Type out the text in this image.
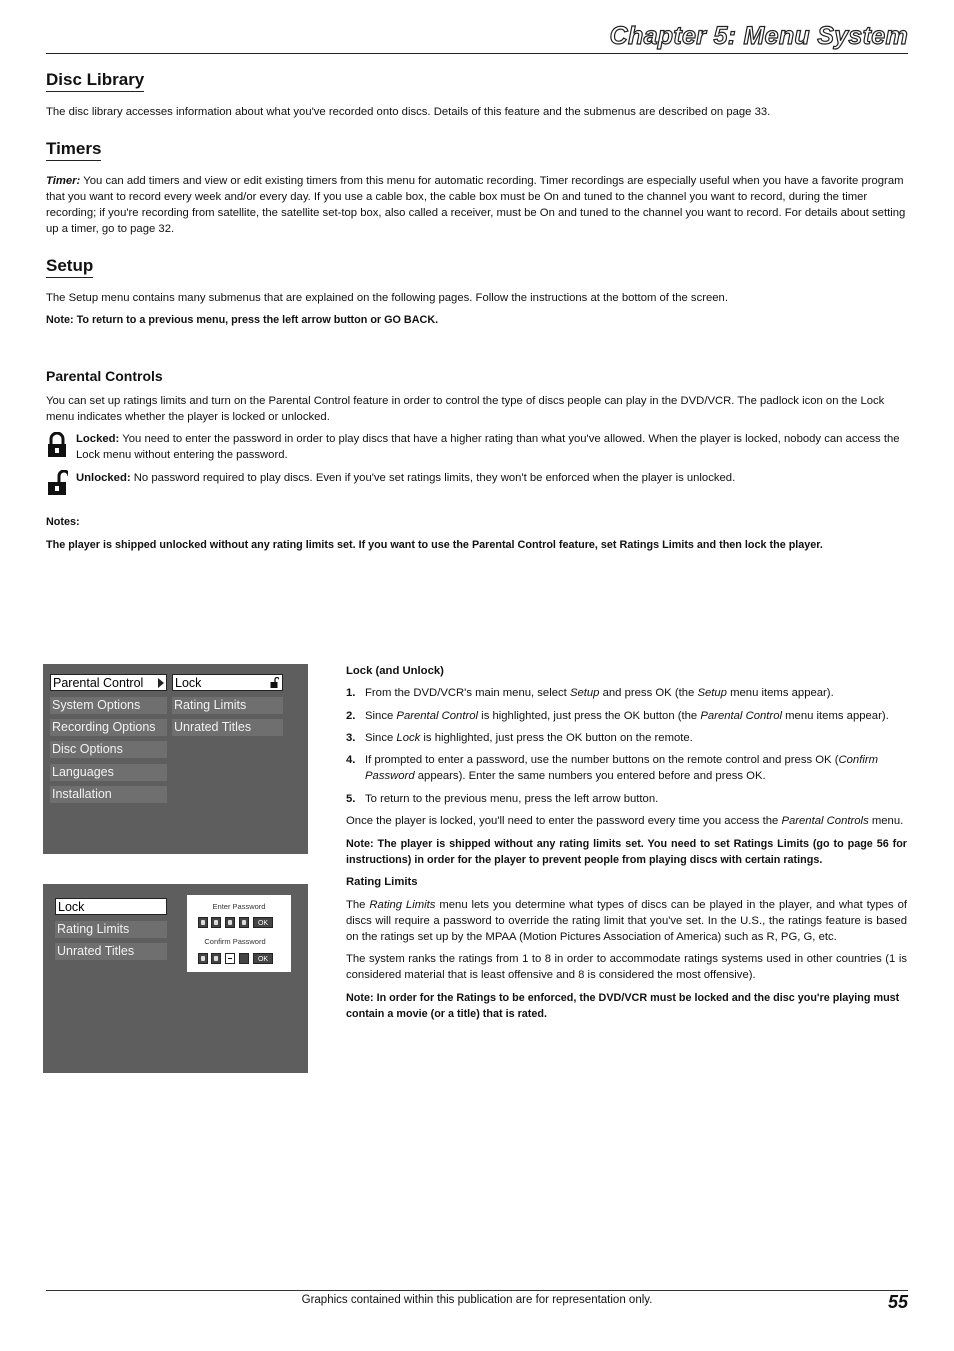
Chapter 5: Menu System
Disc Library
The disc library accesses information about what you've recorded onto discs. Details of this feature and the submenus are described on page 33.
Timers
Timer: You can add timers and view or edit existing timers from this menu for automatic recording. Timer recordings are especially useful when you have a favorite program that you want to record every week and/or every day. If you use a cable box, the cable box must be On and tuned to the channel you want to record, during the timer recording; if you're recording from satellite, the satellite set-top box, also called a receiver, must be On and tuned to the channel you want to record. For details about setting up a timer, go to page 32.
Setup
The Setup menu contains many submenus that are explained on the following pages. Follow the instructions at the bottom of the screen.
Note: To return to a previous menu, press the left arrow button or GO BACK.
Parental Controls
You can set up ratings limits and turn on the Parental Control feature in order to control the type of discs people can play in the DVD/VCR. The padlock icon on the Lock menu indicates whether the player is locked or unlocked.
Locked: You need to enter the password in order to play discs that have a higher rating than what you've allowed. When the player is locked, nobody can access the Lock menu without entering the password.
Unlocked: No password required to play discs. Even if you've set ratings limits, they won't be enforced when the player is unlocked.
Notes:
The player is shipped unlocked without any rating limits set. If you want to use the Parental Control feature, set Ratings Limits and then lock the player.
Parental Control
System Options
Recording Options
Disc Options
Languages
Installation
Lock
Rating Limits
Unrated Titles
Lock
Rating Limits
Unrated Titles
Enter Password
OK
Confirm Password
OK
Lock (and Unlock)
1. From the DVD/VCR's main menu, select Setup and press OK (the Setup menu items appear).
2. Since Parental Control is highlighted, just press the OK button (the Parental Control menu items appear).
3. Since Lock is highlighted, just press the OK button on the remote.
4. If prompted to enter a password, use the number buttons on the remote control and press OK (Confirm Password appears). Enter the same numbers you entered before and press OK.
5. To return to the previous menu, press the left arrow button.
Once the player is locked, you'll need to enter the password every time you access the Parental Controls menu.
Note: The player is shipped without any rating limits set. You need to set Ratings Limits (go to page 56 for instructions) in order for the player to prevent people from playing discs with certain ratings.
Rating Limits
The Rating Limits menu lets you determine what types of discs can be played in the player, and what types of discs will require a password to override the rating limit that you've set. In the U.S., the ratings feature is based on the ratings set up by the MPAA (Motion Pictures Association of America) such as R, PG, G, etc.
The system ranks the ratings from 1 to 8 in order to accommodate ratings systems used in other countries (1 is considered material that is least offensive and 8 is considered the most offensive).
Note: In order for the Ratings to be enforced, the DVD/VCR must be locked and the disc you're playing must contain a movie (or a title) that is rated.
Graphics contained within this publication are for representation only.	55
